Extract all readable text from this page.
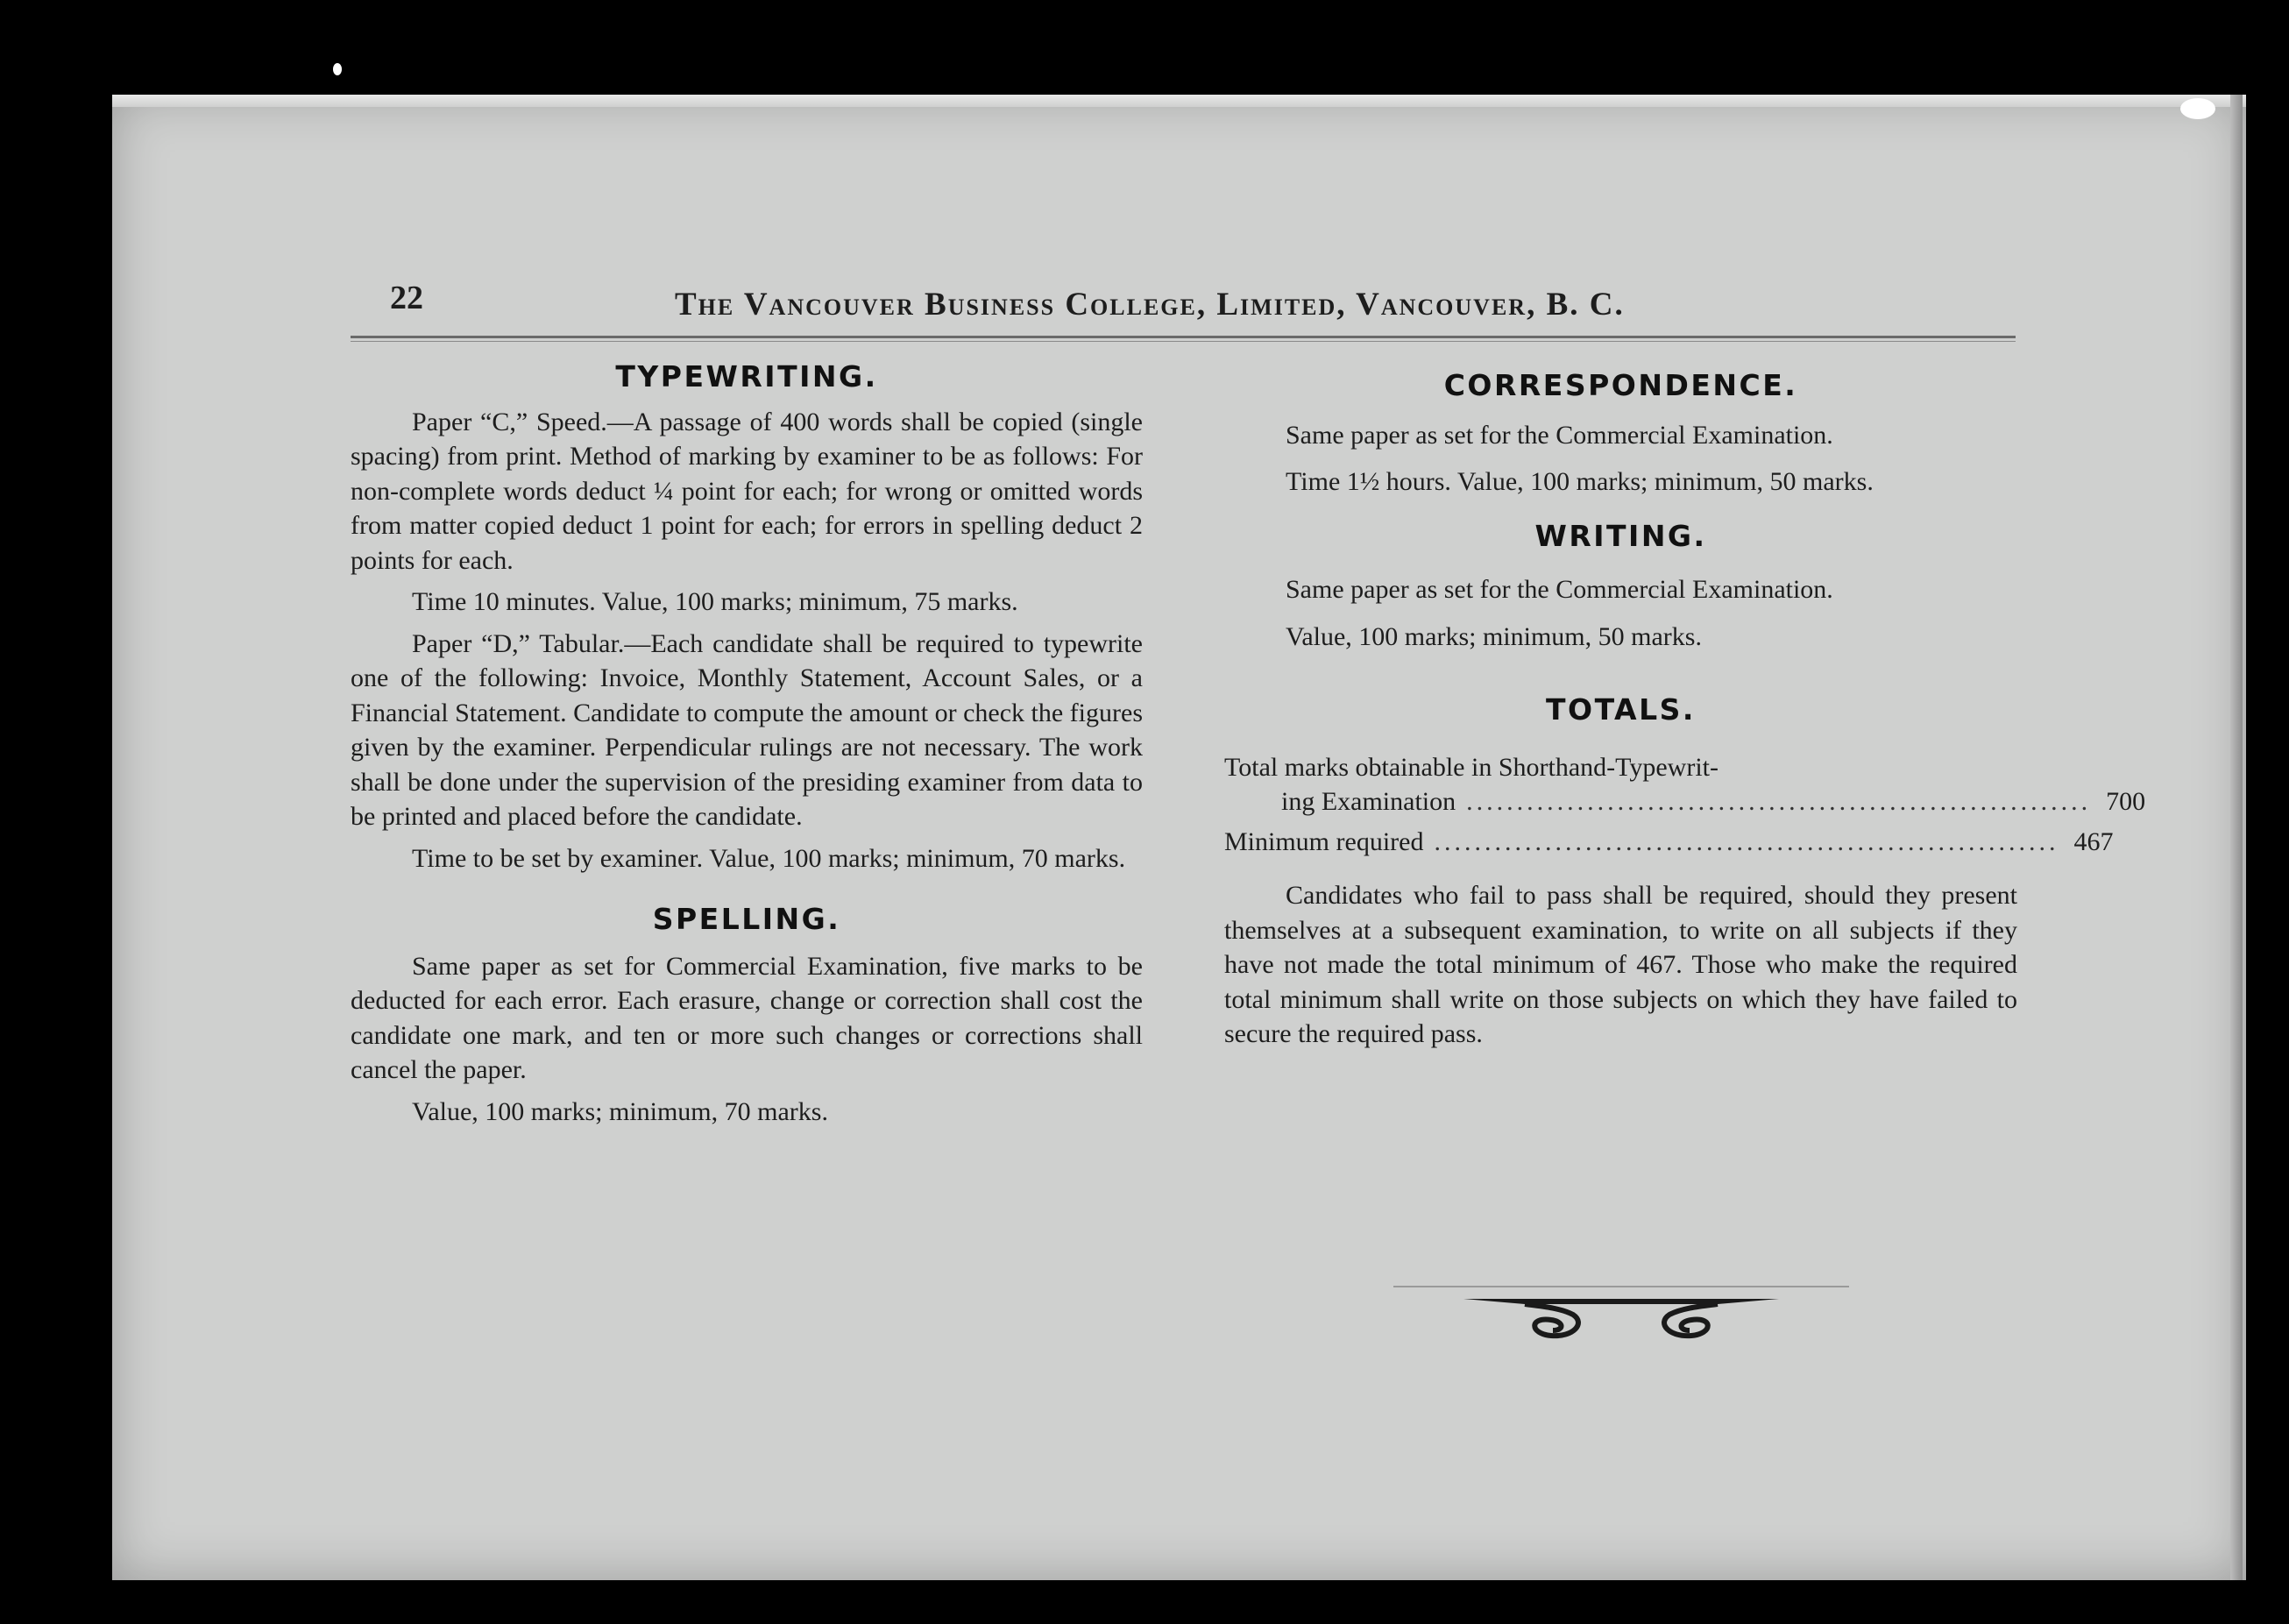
22	The Vancouver Business College, Limited, Vancouver, B. C.
TYPEWRITING.

Paper “C,” Speed.—A passage of 400 words shall be copied (single spacing) from print. Method of marking by examiner to be as follows: For non-complete words deduct ¼ point for each; for wrong or omitted words from matter copied deduct 1 point for each; for errors in spelling deduct 2 points for each.

Time 10 minutes. Value, 100 marks; minimum, 75 marks.

Paper “D,” Tabular.—Each candidate shall be required to typewrite one of the following: Invoice, Monthly Statement, Account Sales, or a Financial Statement. Candidate to compute the amount or check the figures given by the examiner. Perpendicular rulings are not necessary. The work shall be done under the supervision of the presiding examiner from data to be printed and placed before the candidate.

Time to be set by examiner. Value, 100 marks; minimum, 70 marks.

SPELLING.

Same paper as set for Commercial Examination, five marks to be deducted for each error. Each erasure, change or correction shall cost the candidate one mark, and ten or more such changes or corrections shall cancel the paper.

Value, 100 marks; minimum, 70 marks.

CORRESPONDENCE.

Same paper as set for the Commercial Examination.

Time 1½ hours. Value, 100 marks; minimum, 50 marks.

WRITING.

Same paper as set for the Commercial Examination.

Value, 100 marks; minimum, 50 marks.

TOTALS.
Total marks obtainable in Shorthand-Typewrit-
ing Examination .............................................................. 700
Minimum required .............................................................. 467

Candidates who fail to pass shall be required, should they present themselves at a subsequent examination, to write on all subjects if they have not made the total minimum of 467. Those who make the required total minimum shall write on those subjects on which they have failed to secure the required pass.
